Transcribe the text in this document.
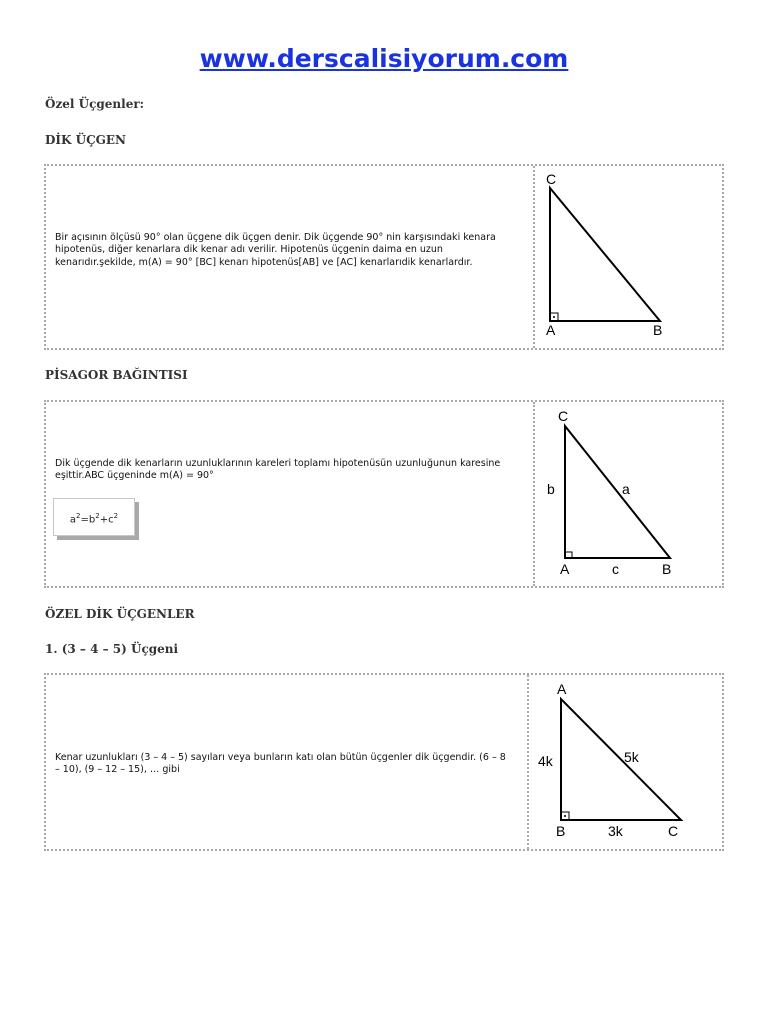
www.derscalisiyorum.com
Özel Üçgenler:
DİK ÜÇGEN
Bir açısının ölçüsü 90° olan üçgene dik üçgen denir. Dik üçgende 90° nin karşısındaki kenara hipotenüs, diğer kenarlara dik kenar adı verilir. Hipotenüs üçgenin daima en uzun kenarıdır.şekilde, m(A) = 90° [BC] kenarı hipotenüs[AB] ve [AC] kenarlarıdik kenarlardır.
C
A	B
PİSAGOR BAĞINTISI
Dik üçgende dik kenarların uzunluklarının kareleri toplamı hipotenüsün uzunluğunun karesine eşittir.ABC üçgeninde m(A) = 90°
$a^2=b^2+c^2$
C
A	B
b	a
c
ÖZEL DİK ÜÇGENLER
1. (3 – 4 – 5) Üçgeni
Kenar uzunlukları (3 – 4 – 5) sayıları veya bunların katı olan bütün üçgenler dik üçgendir. (6 – 8 – 10), (9 – 12 – 15), … gibi
A
B	C
4k	5k
3k
